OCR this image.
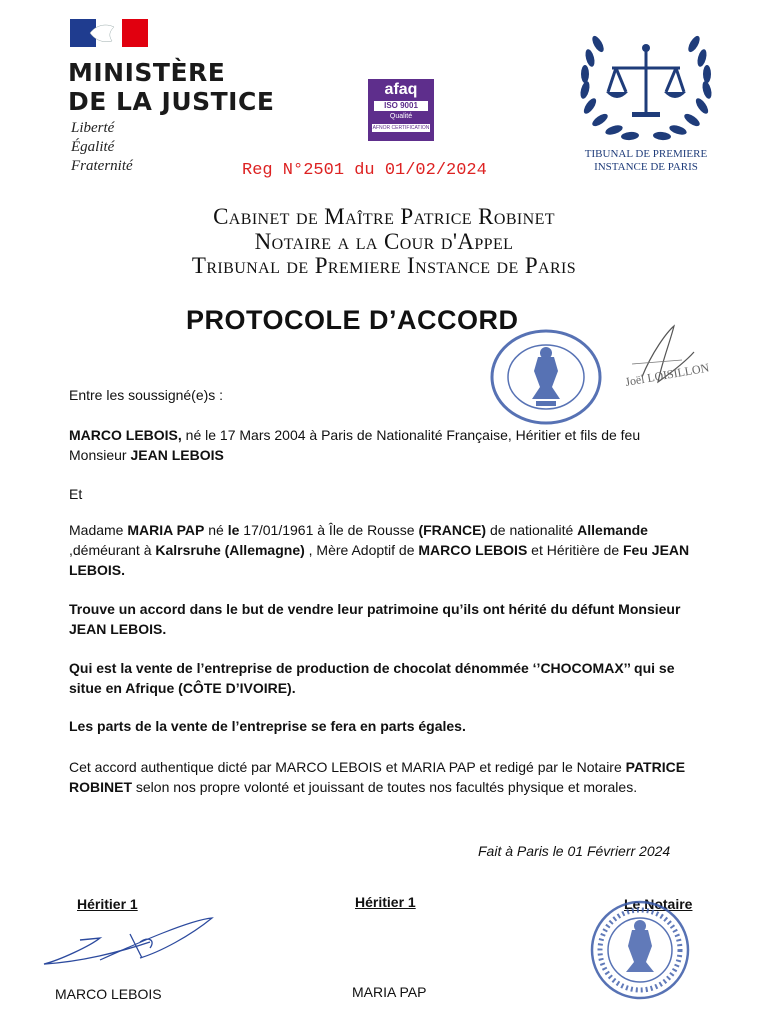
MINISTÈRE
DE LA JUSTICE
Liberté
Égalité
Fraternité
afaq
ISO 9001
Qualité
AFNOR CERTIFICATION
Reg N°2501 du 01/02/2024
TIBUNAL DE PREMIERE
INSTANCE DE PARIS
Cabinet de Maître Patrice Robinet
Notaire a la Cour d'Appel
Tribunal de Premiere Instance de Paris
PROTOCOLE D’ACCORD
Joël LOISILLON
Entre les soussigné(e)s :
MARCO LEBOIS, né le 17 Mars 2004 à Paris de Nationalité Française, Héritier et fils de feu Monsieur JEAN LEBOIS
Et
Madame MARIA PAP né le 17/01/1961 à Île de Rousse (FRANCE) de nationalité Allemande ,déméurant à Kalrsruhe (Allemagne) , Mère Adoptif de MARCO LEBOIS et Héritière de Feu JEAN LEBOIS.
Trouve un accord dans le but de vendre leur patrimoine qu’ils ont hérité du défunt Monsieur JEAN LEBOIS.
Qui est la vente de l’entreprise de production de chocolat dénommée ‘’CHOCOMAX’’ qui se situe en Afrique (CÔTE D’IVOIRE).
Les parts de la vente de l’entreprise se fera en parts égales.
Cet accord authentique dicté par MARCO LEBOIS et MARIA PAP et redigé par le Notaire PATRICE ROBINET selon nos propre volonté et jouissant de toutes nos facultés physique et morales.
Fait à Paris le 01 Févrierr 2024
Héritier 1	Héritier 1	Le Notaire
MARCO LEBOIS	MARIA PAP
